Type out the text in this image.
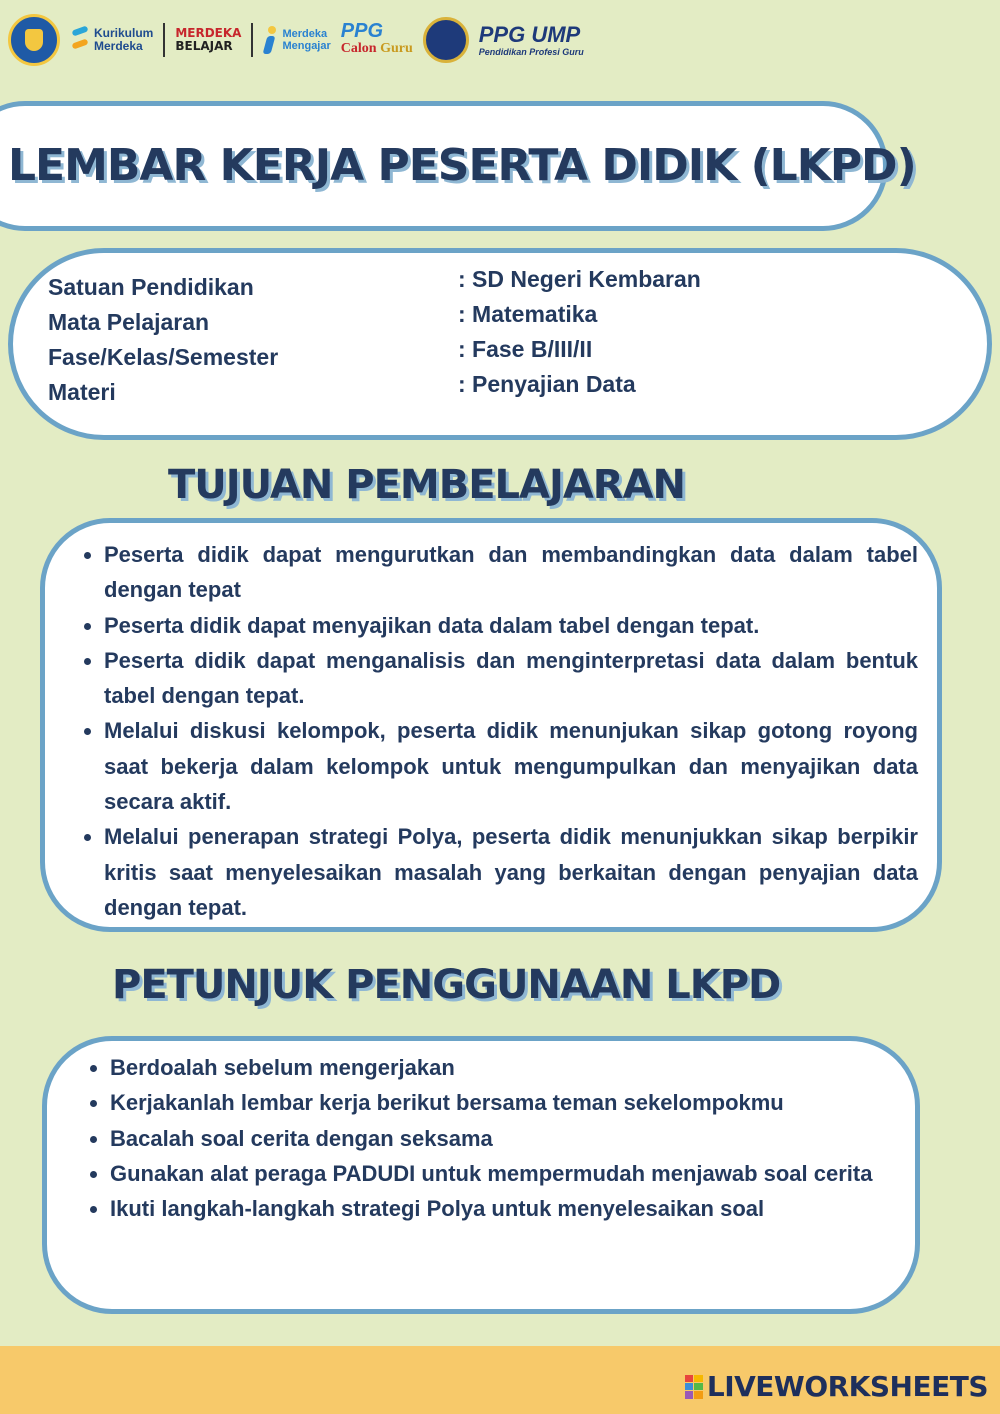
Kurikulum
Merdeka
MERDEKA
BELAJAR
Merdeka
Mengajar
PPG
Calon Guru
PPG UMP
Pendidikan Profesi Guru
LEMBAR KERJA PESERTA DIDIK (LKPD)
Satuan Pendidikan
Mata Pelajaran
Fase/Kelas/Semester
Materi
: SD Negeri Kembaran
: Matematika
: Fase B/III/II
: Penyajian Data
TUJUAN PEMBELAJARAN
• Peserta didik dapat mengurutkan dan membandingkan data dalam tabel dengan tepat
• Peserta didik dapat menyajikan data dalam tabel dengan tepat.
• Peserta didik dapat menganalisis dan menginterpretasi data dalam bentuk tabel dengan tepat.
• Melalui diskusi kelompok, peserta didik menunjukan sikap gotong royong saat bekerja dalam kelompok untuk mengumpulkan dan menyajikan data secara aktif.
• Melalui penerapan strategi Polya, peserta didik menunjukkan sikap berpikir kritis saat menyelesaikan masalah yang berkaitan dengan penyajian data dengan tepat.
PETUNJUK PENGGUNAAN LKPD
• Berdoalah sebelum mengerjakan
• Kerjakanlah lembar kerja berikut bersama teman sekelompokmu
• Bacalah soal cerita dengan seksama
• Gunakan alat peraga PADUDI untuk mempermudah menjawab soal cerita
• Ikuti langkah-langkah strategi Polya untuk menyelesaikan soal
LIVEWORKSHEETS
